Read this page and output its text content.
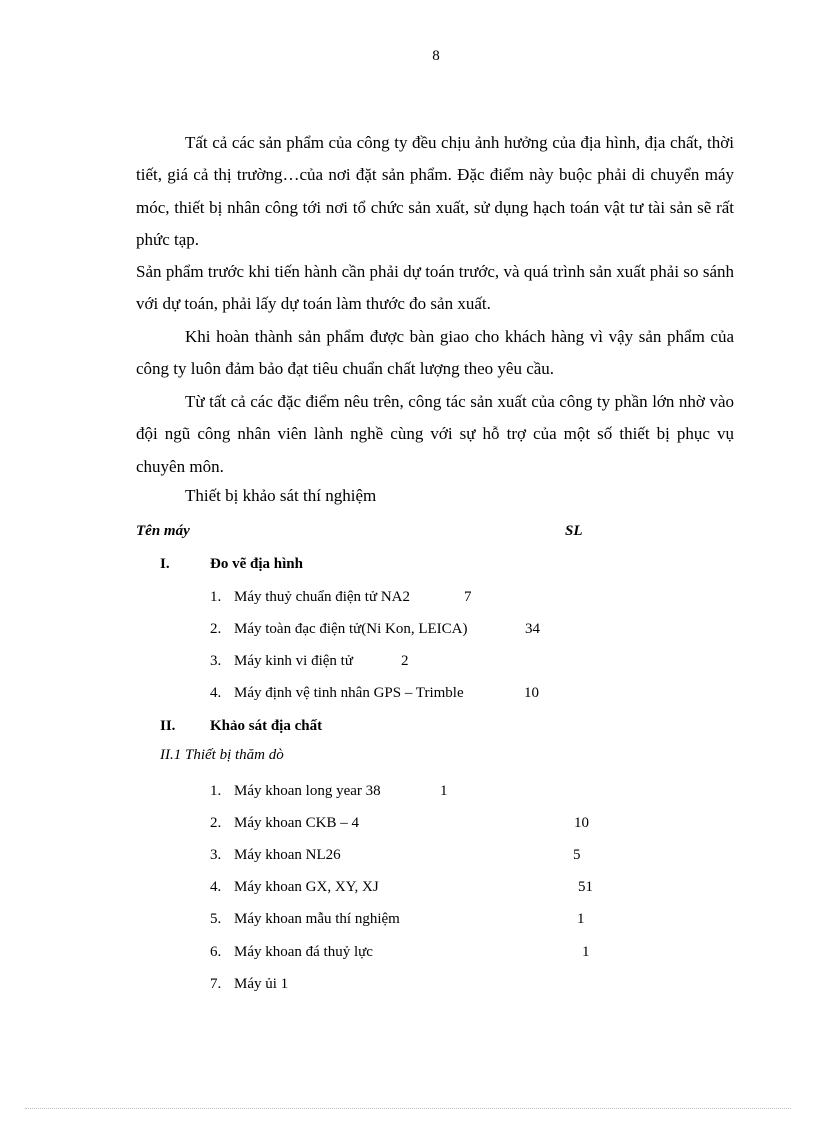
8

Tất cả các sản phẩm của công ty đều chịu ảnh hưởng của địa hình, địa chất, thời tiết, giá cả thị trường…của nơi đặt sản phẩm. Đặc điểm này buộc phải di chuyển máy móc, thiết bị nhân công tới nơi tổ chức sản xuất, sử dụng hạch toán vật tư tài sản sẽ rất phức tạp.

Sản phẩm trước khi tiến hành cần phải dự toán trước, và quá trình sản xuất phải so sánh với dự toán, phải lấy dự toán làm thước đo sản xuất.

Khi hoàn thành sản phẩm được bàn giao cho khách hàng vì vậy sản phẩm của công ty luôn đảm bảo đạt tiêu chuẩn chất lượng theo yêu cầu.

Từ tất cả các đặc điểm nêu trên, công tác sản xuất của công ty phần lớn nhờ vào đội ngũ công nhân viên lành nghề cùng với sự hỗ trợ của một số thiết bị phục vụ chuyên môn.

Thiết bị khảo sát thí nghiệm
Tên máy	SL
I.	Đo vẽ địa hình
1. Máy thuỷ chuẩn điện tử NA2	7
2. Máy toàn đạc điện tử(Ni Kon, LEICA)	34
3. Máy kinh vi điện tử	2
4. Máy định vệ tinh nhân GPS – Trimble	10
II. Khảo sát địa chất
II.1 Thiết bị thăm dò
1. Máy khoan long year 38	1
2. Máy khoan CKB – 4	10
3. Máy khoan NL26	5
4. Máy khoan GX, XY, XJ	51
5. Máy khoan mẫu thí nghiệm	1
6. Máy khoan đá thuỷ lực	1
7. Máy ủi 1
